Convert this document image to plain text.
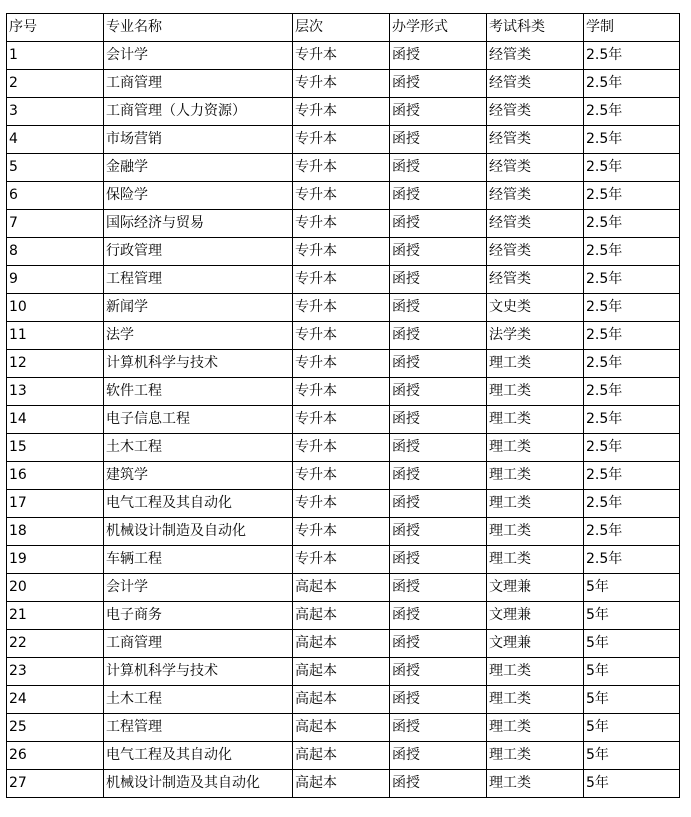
序号	专业名称	层次	办学形式	考试科类	学制
1	会计学	专升本	函授	经管类	2.5年
2	工商管理	专升本	函授	经管类	2.5年
3	工商管理（人力资源）	专升本	函授	经管类	2.5年
4	市场营销	专升本	函授	经管类	2.5年
5	金融学	专升本	函授	经管类	2.5年
6	保险学	专升本	函授	经管类	2.5年
7	国际经济与贸易	专升本	函授	经管类	2.5年
8	行政管理	专升本	函授	经管类	2.5年
9	工程管理	专升本	函授	经管类	2.5年
10	新闻学	专升本	函授	文史类	2.5年
11	法学	专升本	函授	法学类	2.5年
12	计算机科学与技术	专升本	函授	理工类	2.5年
13	软件工程	专升本	函授	理工类	2.5年
14	电子信息工程	专升本	函授	理工类	2.5年
15	土木工程	专升本	函授	理工类	2.5年
16	建筑学	专升本	函授	理工类	2.5年
17	电气工程及其自动化	专升本	函授	理工类	2.5年
18	机械设计制造及自动化	专升本	函授	理工类	2.5年
19	车辆工程	专升本	函授	理工类	2.5年
20	会计学	高起本	函授	文理兼	5年
21	电子商务	高起本	函授	文理兼	5年
22	工商管理	高起本	函授	文理兼	5年
23	计算机科学与技术	高起本	函授	理工类	5年
24	土木工程	高起本	函授	理工类	5年
25	工程管理	高起本	函授	理工类	5年
26	电气工程及其自动化	高起本	函授	理工类	5年
27	机械设计制造及其自动化	高起本	函授	理工类	5年
